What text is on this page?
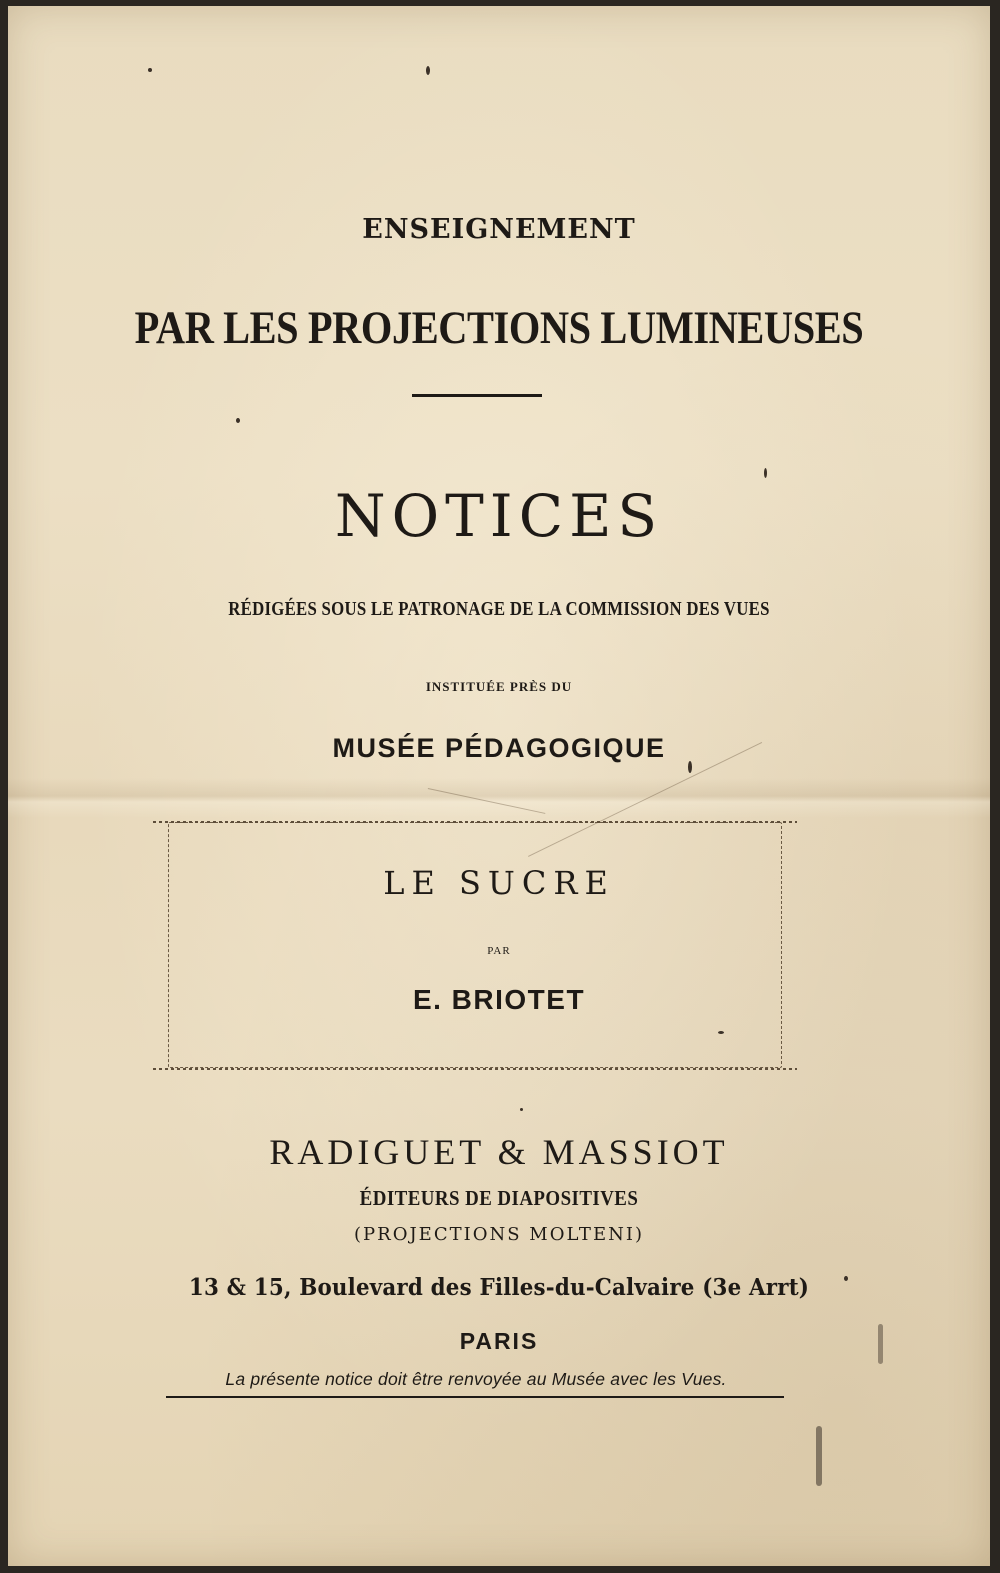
ENSEIGNEMENT

PAR LES PROJECTIONS LUMINEUSES

NOTICES

RÉDIGÉES SOUS LE PATRONAGE DE LA COMMISSION DES VUES

INSTITUÉE PRÈS DU

MUSÉE PÉDAGOGIQUE

LE SUCRE

PAR

E. BRIOTET

RADIGUET & MASSIOT

ÉDITEURS DE DIAPOSITIVES

(PROJECTIONS MOLTENI)

13 & 15, Boulevard des Filles-du-Calvaire (3e Arrt)

PARIS

La présente notice doit être renvoyée au Musée avec les Vues.
